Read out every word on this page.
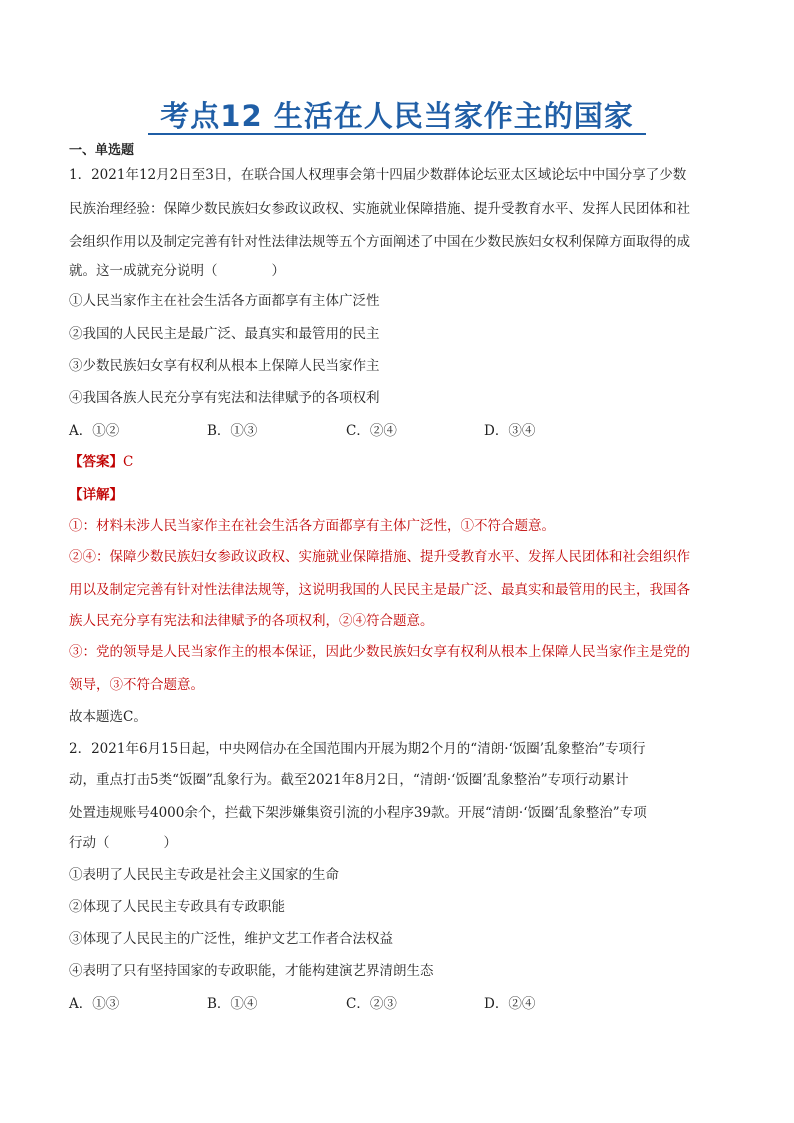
考点12 生活在人民当家作主的国家
一、单选题
1．2021年12月2日至3日，在联合国人权理事会第十四届少数群体论坛亚太区域论坛中中国分享了少数
民族治理经验：保障少数民族妇女参政议政权、实施就业保障措施、提升受教育水平、发挥人民团体和社
会组织作用以及制定完善有针对性法律法规等五个方面阐述了中国在少数民族妇女权利保障方面取得的成
就。这一成就充分说明（　　　　）
①人民当家作主在社会生活各方面都享有主体广泛性
②我国的人民民主是最广泛、最真实和最管用的民主
③少数民族妇女享有权利从根本上保障人民当家作主
④我国各族人民充分享有宪法和法律赋予的各项权利
A．①②	B．①③	C．②④	D．③④
【答案】C
【详解】
①：材料未涉人民当家作主在社会生活各方面都享有主体广泛性，①不符合题意。
②④：保障少数民族妇女参政议政权、实施就业保障措施、提升受教育水平、发挥人民团体和社会组织作
用以及制定完善有针对性法律法规等，这说明我国的人民民主是最广泛、最真实和最管用的民主，我国各
族人民充分享有宪法和法律赋予的各项权利，②④符合题意。
③：党的领导是人民当家作主的根本保证，因此少数民族妇女享有权利从根本上保障人民当家作主是党的
领导，③不符合题意。
故本题选C。
2．2021年6月15日起，中央网信办在全国范围内开展为期2个月的“清朗·‘饭圈’乱象整治”专项行
动，重点打击5类“饭圈”乱象行为。截至2021年8月2日，“清朗·‘饭圈’乱象整治”专项行动累计
处置违规账号4000余个，拦截下架涉嫌集资引流的小程序39款。开展“清朗·‘饭圈’乱象整治”专项
行动（　　　　）
①表明了人民民主专政是社会主义国家的生命
②体现了人民民主专政具有专政职能
③体现了人民民主的广泛性，维护文艺工作者合法权益
④表明了只有坚持国家的专政职能，才能构建演艺界清朗生态
A．①③	B．①④	C．②③	D．②④
